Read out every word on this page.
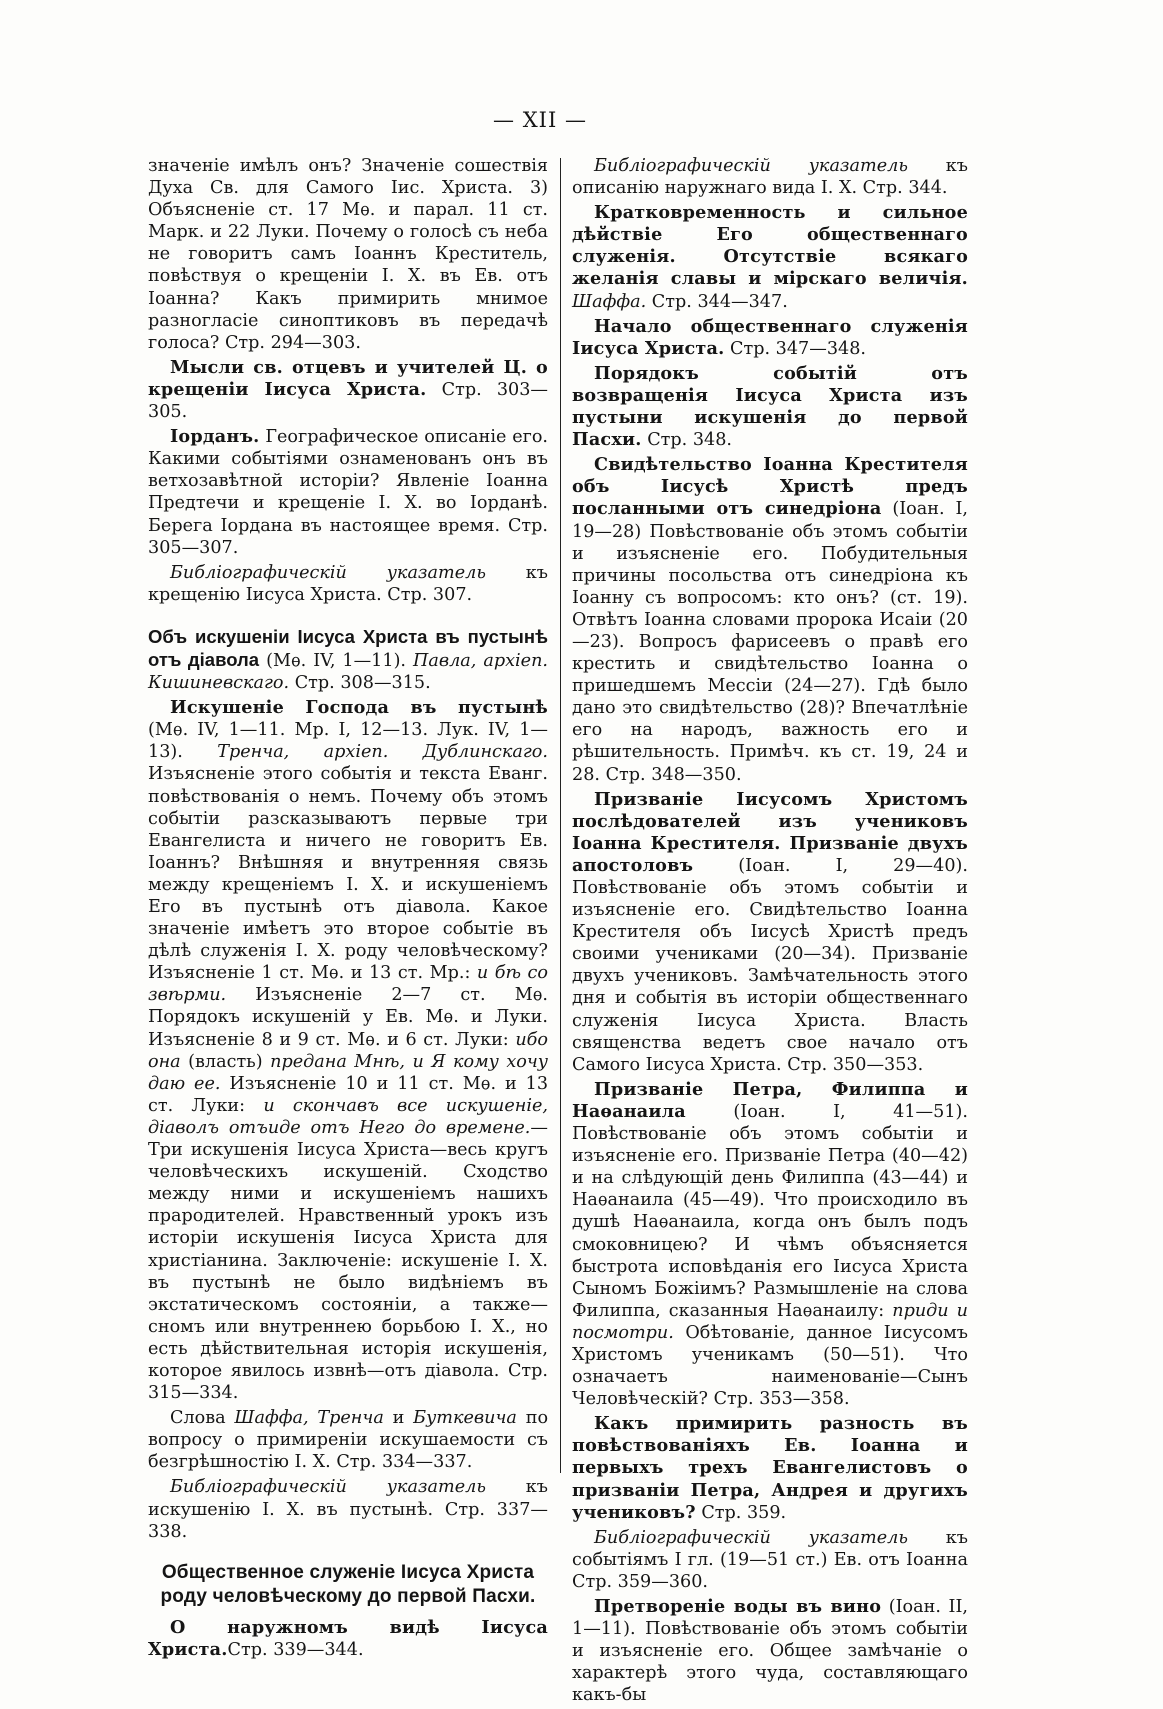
— XII —

значеніе имѣлъ онъ? Значеніе сошествія Духа Св. для Самого Іис. Христа. 3) Объясненіе ст. 17 Мѳ. и парал. 11 ст. Марк. и 22 Луки. Почему о голосѣ съ неба не говоритъ самъ Іоаннъ Креститель, повѣствуя о крещеніи І. Х. въ Ев. отъ Іоанна? Какъ примирить мнимое разногласіе синоптиковъ въ передачѣ голоса? Стр. 294—303.

Мысли св. отцевъ и учителей Ц. о крещеніи Іисуса Христа. Стр. 303—305.

Іорданъ. Географическое описаніе его. Какими событіями ознаменованъ онъ въ ветхозавѣтной исторіи? Явленіе Іоанна Предтечи и крещеніе І. Х. во Іорданѣ. Берега Іордана въ настоящее время. Стр. 305—307.

Библіографическій указатель къ крещенію Іисуса Христа. Стр. 307.

Объ искушеніи Іисуса Христа въ пустынѣ отъ діавола (Мѳ. IV, 1—11). Павла, архіеп. Кишиневскаго. Стр. 308—315.

Искушеніе Господа въ пустынѣ (Мѳ. IV, 1—11. Мр. I, 12—13. Лук. IV, 1—13). Тренча, архіеп. Дублинскаго. Изъясненіе этого событія и текста Еванг. повѣствованія о немъ. Почему объ этомъ событіи разсказываютъ первые три Евангелиста и ничего не говоритъ Ев. Іоаннъ? Внѣшняя и внутренняя связь между крещеніемъ І. Х. и искушеніемъ Его въ пустынѣ отъ діавола. Какое значеніе имѣетъ это второе событіе въ дѣлѣ служенія І. Х. роду человѣческому? Изъясненіе 1 ст. Мѳ. и 13 ст. Мр.: и бѣ со звѣрми. Изъясненіе 2—7 ст. Мѳ. Порядокъ искушеній у Ев. Мѳ. и Луки. Изъясненіе 8 и 9 ст. Мѳ. и 6 ст. Луки: ибо она (власть) предана Мнѣ, и Я кому хочу даю ее. Изъясненіе 10 и 11 ст. Мѳ. и 13 ст. Луки: и скончавъ все искушеніе, діаволъ отъиде отъ Него до времене.—Три искушенія Іисуса Христа—весь кругъ человѣческихъ искушеній. Сходство между ними и искушеніемъ нашихъ прародителей. Нравственный урокъ изъ исторіи искушенія Іисуса Христа для христіанина. Заключеніе: искушеніе І. Х. въ пустынѣ не было видѣніемъ въ экстатическомъ состояніи, а также—сномъ или внутреннею борьбою І. Х., но есть дѣйствительная исторія искушенія, которое явилось извнѣ—отъ діавола. Стр. 315—334.

Слова Шаффа, Тренча и Буткевича по вопросу о примиреніи искушаемости съ безгрѣшностію І. Х. Стр. 334—337.

Библіографическій указатель къ искушенію І. Х. въ пустынѣ. Стр. 337—338.

Общественное служеніе Іисуса Христа роду человѣческому до первой Пасхи.

О наружномъ видѣ Іисуса Христа.Стр. 339—344.

Библіографическій указатель къ описанію наружнаго вида І. Х. Стр. 344.

Кратковременность и сильное дѣйствіе Его общественнаго служенія. Отсутствіе всякаго желанія славы и мірскаго величія. Шаффа. Стр. 344—347.

Начало общественнаго служенія Іисуса Христа. Стр. 347—348.

Порядокъ событій отъ возвращенія Іисуса Христа изъ пустыни искушенія до первой Пасхи. Стр. 348.

Свидѣтельство Іоанна Крестителя объ Іисусѣ Христѣ предъ посланными отъ синедріона (Іоан. I, 19—28) Повѣствованіе объ этомъ событіи и изъясненіе его. Побудительныя причины посольства отъ синедріона къ Іоанну съ вопросомъ: кто онъ? (ст. 19). Отвѣтъ Іоанна словами пророка Исаіи (20—23). Вопросъ фарисеевъ о правѣ его крестить и свидѣтельство Іоанна о пришедшемъ Мессіи (24—27). Гдѣ было дано это свидѣтельство (28)? Впечатлѣніе его на народъ, важность его и рѣшительность. Примѣч. къ ст. 19, 24 и 28. Стр. 348—350.

Призваніе Іисусомъ Христомъ послѣдователей изъ учениковъ Іоанна Крестителя. Призваніе двухъ апостоловъ	(Іоан. I, 29—40). Повѣствованіе объ этомъ событіи и изъясненіе его. Свидѣтельство Іоанна Крестителя объ Іисусѣ Христѣ предъ своими учениками (20—34). Призваніе двухъ учениковъ. Замѣчательность этого дня и событія въ исторіи общественнаго служенія Іисуса Христа. Власть священства ведетъ свое начало отъ Самого Іисуса Христа. Стр. 350—353.

Призваніе Петра, Филиппа и Наѳанаила	(Іоан. I, 41—51). Повѣствованіе объ этомъ событіи и изъясненіе его. Призваніе Петра (40—42) и на слѣдующій день Филиппа (43—44) и Наѳанаила (45—49). Что происходило въ душѣ Наѳанаила, когда онъ былъ подъ смоковницею? И чѣмъ объясняется быстрота исповѣданія его Іисуса Христа Сыномъ Божіимъ? Размышленіе на слова Филиппа, сказанныя Наѳанаилу: приди и посмотри. Обѣтованіе, данное Іисусомъ Христомъ ученикамъ (50—51). Что означаетъ наименованіе—Сынъ Человѣческій? Стр. 353—358.

Какъ примирить разность въ повѣствованіяхъ Ев. Іоанна и первыхъ трехъ Евангелистовъ о призваніи Петра, Андрея и другихъ учениковъ? Стр. 359.

Библіографическій указатель къ событіямъ I гл. (19—51 ст.) Ев. отъ Іоанна Стр. 359—360.

Претвореніе воды въ вино (Іоан. II, 1—11). Повѣствованіе объ этомъ событіи и изъясненіе его. Общее замѣчаніе о характерѣ этого чуда, составляющаго какъ-бы
